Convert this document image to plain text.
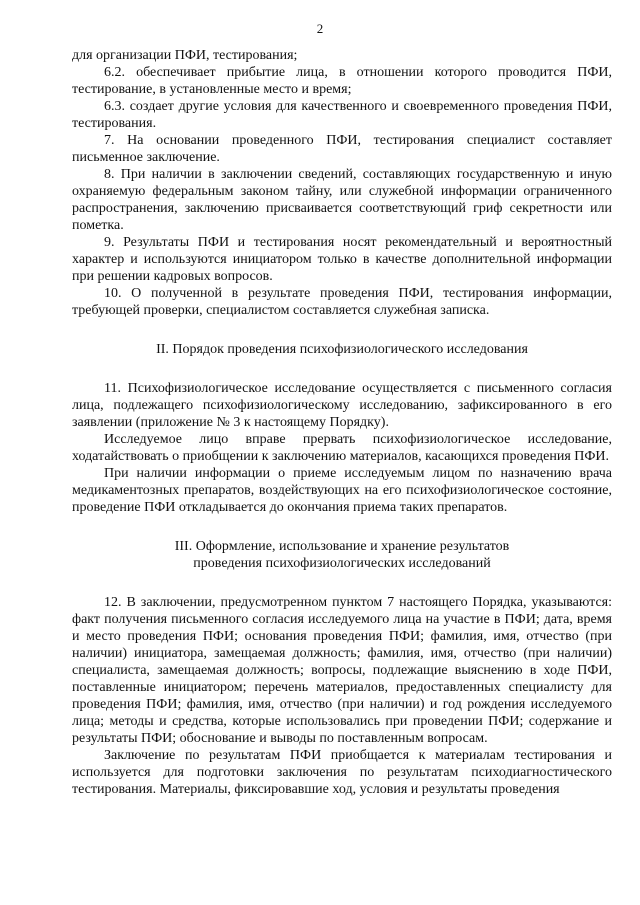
2

для организации ПФИ, тестирования;

6.2. обеспечивает прибытие лица, в отношении которого проводится ПФИ, тестирование, в установленные место и время;

6.3. создает другие условия для качественного и своевременного проведения ПФИ, тестирования.

7. На основании проведенного ПФИ, тестирования специалист составляет письменное заключение.

8. При наличии в заключении сведений, составляющих государственную и иную охраняемую федеральным законом тайну, или служебной информации ограниченного распространения, заключению присваивается соответствующий гриф секретности или пометка.

9. Результаты ПФИ и тестирования носят рекомендательный и вероятностный характер и используются инициатором только в качестве дополнительной информации при решении кадровых вопросов.

10. О полученной в результате проведения ПФИ, тестирования информации, требующей проверки, специалистом составляется служебная записка.

II. Порядок проведения психофизиологического исследования

11. Психофизиологическое исследование осуществляется с письменного согласия лица, подлежащего психофизиологическому исследованию, зафиксированного в его заявлении (приложение № 3 к настоящему Порядку).

Исследуемое лицо вправе прервать психофизиологическое исследование, ходатайствовать о приобщении к заключению материалов, касающихся проведения ПФИ.

При наличии информации о приеме исследуемым лицом по назначению врача медикаментозных препаратов, воздействующих на его психофизиологическое состояние, проведение ПФИ откладывается до окончания приема таких препаратов.

III. Оформление, использование и хранение результатов

проведения психофизиологических исследований

12. В заключении, предусмотренном пунктом 7 настоящего Порядка, указываются: факт получения письменного согласия исследуемого лица на участие в ПФИ; дата, время и место проведения ПФИ; основания проведения ПФИ; фамилия, имя, отчество (при наличии) инициатора, замещаемая должность; фамилия, имя, отчество (при наличии) специалиста, замещаемая должность; вопросы, подлежащие выяснению в ходе ПФИ, поставленные инициатором; перечень материалов, предоставленных специалисту для проведения ПФИ; фамилия, имя, отчество (при наличии) и год рождения исследуемого лица; методы и средства, которые использовались при проведении ПФИ; содержание и результаты ПФИ; обоснование и выводы по поставленным вопросам.

Заключение по результатам ПФИ приобщается к материалам тестирования и используется для подготовки заключения по результатам психодиагностического тестирования. Материалы, фиксировавшие ход, условия и результаты проведения
